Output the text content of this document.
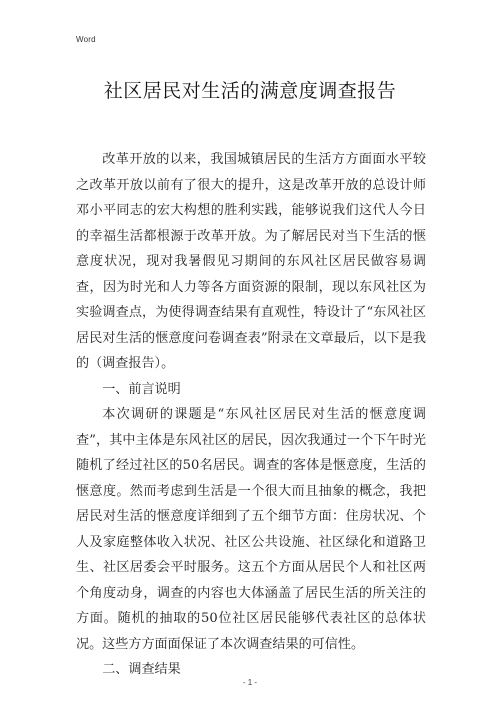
Word
社区居民对生活的满意度调查报告

改革开放的以来，我国城镇居民的生活方方面面水平较之改革开放以前有了很大的提升，这是改革开放的总设计师邓小平同志的宏大构想的胜利实践，能够说我们这代人今日的幸福生活都根源于改革开放。为了解居民对当下生活的惬意度状况，现对我暑假见习期间的东风社区居民做容易调查，因为时光和人力等各方面资源的限制，现以东风社区为实验调查点，为使得调查结果有直观性，特设计了“东风社区居民对生活的惬意度问卷调查表”附录在文章最后，以下是我的（调查报告）。

一、前言说明

本次调研的课题是“东风社区居民对生活的惬意度调查”，其中主体是东风社区的居民，因次我通过一个下午时光随机了经过社区的50名居民。调查的客体是惬意度，生活的惬意度。然而考虑到生活是一个很大而且抽象的概念，我把居民对生活的惬意度详细到了五个细节方面：住房状况、个人及家庭整体收入状况、社区公共设施、社区绿化和道路卫生、社区居委会平时服务。这五个方面从居民个人和社区两个角度动身，调查的内容也大体涵盖了居民生活的所关注的方面。随机的抽取的50位社区居民能够代表社区的总体状况。这些方方面面保证了本次调查结果的可信性。

二、调查结果

- 1 -
